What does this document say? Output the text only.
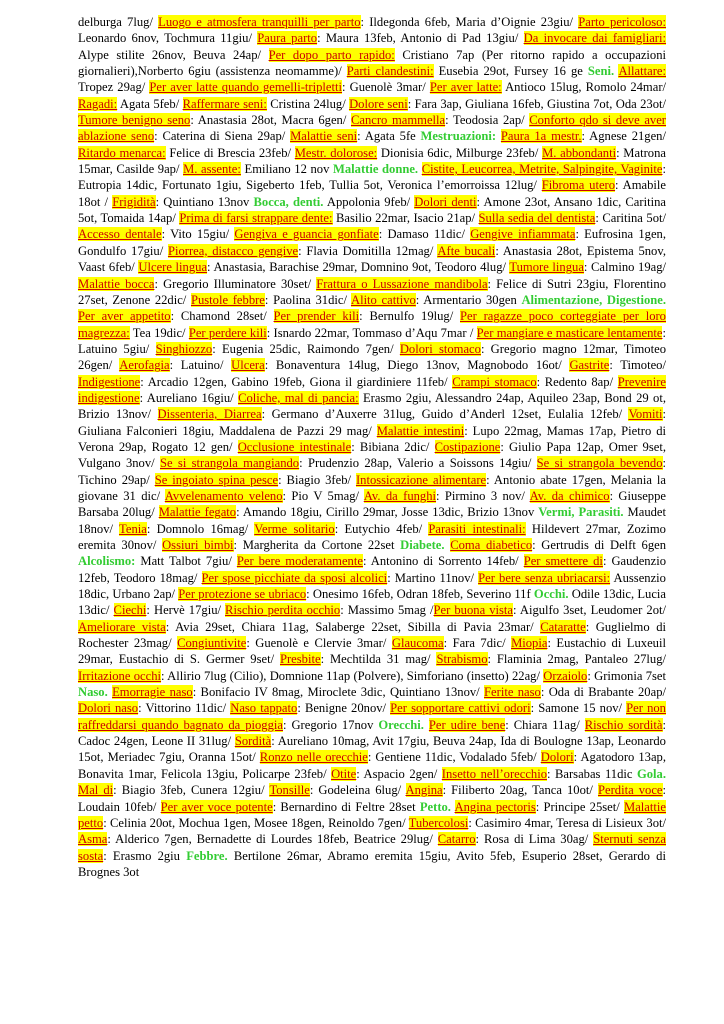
delburga 7lug/ Luogo e atmosfera tranquilli per parto: Ildegonda 6feb, Maria d’Oignie 23giu/ Parto pericoloso: Leonardo 6nov, Tochmura 11giu/ Paura parto: Maura 13feb, Antonio di Pad 13giu/ Da invocare dai famigliari: Alype stilite 26nov, Beuva 24ap/ Per dopo parto rapido: Cristiano 7ap (Per ritorno rapido a occupazioni giornalieri),Norberto 6giu (assistenza neomamme)/ Parti clandestini: Eusebia 29ot, Fursey 16 ge Seni. Allattare: Tropez 29ag/ Per aver latte quando gemelli-tripletti: Guenolè 3mar/ Per aver latte: Antioco 15lug, Romolo 24mar/ Ragadi: Agata 5feb/ Raffermare seni: Cristina 24lug/ Dolore seni: Fara 3ap, Giuliana 16feb, Giustina 7ot, Oda 23ot/ Tumore benigno seno: Anastasia 28ot, Macra 6gen/ Cancro mammella: Teodosia 2ap/ Conforto qdo si deve aver ablazione seno: Caterina di Siena 29ap/ Malattie seni: Agata 5fe Mestruazioni: Paura 1a mestr.: Agnese 21gen/ Ritardo menarca: Felice di Brescia 23feb/ Mestr. dolorose: Dionisia 6dic, Milburge 23feb/ M. abbondanti: Matrona 15mar, Casilde 9ap/ M. assente: Emiliano 12 nov Malattie donne. Cistite, Leucorrea, Metrite, Salpingite, Vaginite: Eutropia 14dic, Fortunato 1giu, Sigeberto 1feb, Tullia 5ot, Veronica l’emorroissa 12lug/ Fibroma utero: Amabile 18ot / Frigidità: Quintiano 13nov Bocca, denti. Appolonia 9feb/ Dolori denti: Amone 23ot, Ansano 1dic, Caritina 5ot, Tomaida 14ap/ Prima di farsi strappare dente: Basilio 22mar, Isacio 21ap/ Sulla sedia del dentista: Caritina 5ot/ Accesso dentale: Vito 15giu/ Gengiva e guancia gonfiate: Damaso 11dic/ Gengive infiammata: Eufrosina 1gen, Gondulfo 17giu/ Piorrea, distacco gengive: Flavia Domitilla 12mag/ Afte bucali: Anastasia 28ot, Epistema 5nov, Vaast 6feb/ Ulcere lingua: Anastasia, Barachise 29mar, Domnino 9ot, Teodoro 4lug/ Tumore lingua: Calmino 19ag/ Malattie bocca: Gregorio Illuminatore 30set/ Frattura o Lussazione mandibola: Felice di Sutri 23giu, Florentino 27set, Zenone 22dic/ Pustole febbre: Paolina 31dic/ Alito cattivo: Armentario 30gen Alimentazione, Digestione. Per aver appetito: Chamond 28set/ Per prender kili: Bernulfo 19lug/ Per ragazze poco corteggiate per loro magrezza: Tea 19dic/ Per perdere kili: Isnardo 22mar, Tommaso d’Aqu 7mar / Per mangiare e masticare lentamente: Latuino 5giu/ Singhiozzo: Eugenia 25dic, Raimondo 7gen/ Dolori stomaco: Gregorio magno 12mar, Timoteo 26gen/ Aerofagia: Latuino/ Ulcera: Bonaventura 14lug, Diego 13nov, Magnobodo 16ot/ Gastrite: Timoteo/ Indigestione: Arcadio 12gen, Gabino 19feb, Giona il giardiniere 11feb/ Crampi stomaco: Redento 8ap/ Prevenire indigestione: Aureliano 16giu/ Coliche, mal di pancia: Erasmo 2giu, Alessandro 24ap, Aquileo 23ap, Bond 29 ot, Brizio 13nov/ Dissenteria, Diarrea: Germano d’Auxerre 31lug, Guido d’Anderl 12set, Eulalia 12feb/ Vomiti: Giuliana Falconieri 18giu, Maddalena de Pazzi 29 mag/ Malattie intestini: Lupo 22mag, Mamas 17ap, Pietro di Verona 29ap, Rogato 12 gen/ Occlusione intestinale: Bibiana 2dic/ Costipazione: Giulio Papa 12ap, Omer 9set, Vulgano 3nov/ Se si strangola mangiando: Prudenzio 28ap, Valerio a Soissons 14giu/ Se si strangola bevendo: Tichino 29ap/ Se ingoiato spina pesce: Biagio 3feb/ Intossicazione alimentare: Antonio abate 17gen, Melania la giovane 31 dic/ Avvelenamento veleno: Pio V 5mag/ Av. da funghi: Pirmino 3 nov/ Av. da chimico: Giuseppe Barsaba 20lug/ Malattie fegato: Amando 18giu, Cirillo 29mar, Josse 13dic, Brizio 13nov Vermi, Parasiti. Maudet 18nov/ Tenia: Domnolo 16mag/ Verme solitario: Eutychio 4feb/ Parasiti intestinali: Hildevert 27mar, Zozimo eremita 30nov/ Ossiuri bimbi: Margherita da Cortone 22set Diabete. Coma diabetico: Gertrudis di Delft 6gen Alcolismo: Matt Talbot 7giu/ Per bere moderatamente: Antonino di Sorrento 14feb/ Per smettere di: Gaudenzio 12feb, Teodoro 18mag/ Per spose picchiate da sposi alcolici: Martino 11nov/ Per bere senza ubriacarsi: Aussenzio 18dic, Urbano 2ap/ Per protezione se ubriaco: Onesimo 16feb, Odran 18feb, Severino 11f Occhi. Odile 13dic, Lucia 13dic/ Ciechi: Hervè 17giu/ Rischio perdita occhio: Massimo 5mag /Per buona vista: Aigulfo 3set, Leudomer 2ot/ Ameliorare vista: Avia 29set, Chiara 11ag, Salaberge 22set, Sibilla di Pavia 23mar/ Cataratte: Guglielmo di Rochester 23mag/ Congiuntivite: Guenolè e Clervie 3mar/ Glaucoma: Fara 7dic/ Miopia: Eustachio di Luxeuil 29mar, Eustachio di S. Germer 9set/ Presbite: Mechtilda 31 mag/ Strabismo: Flaminia 2mag, Pantaleo 27lug/ Irritazione occhi: Allirio 7lug (Cilio), Domnione 11ap (Polvere), Simforiano (insetto) 22ag/ Orzaiolo: Grimonia 7set Naso. Emorragie naso: Bonifacio IV 8mag, Miroclete 3dic, Quintiano 13nov/ Ferite naso: Oda di Brabante 20ap/ Dolori naso: Vittorino 11dic/ Naso tappato: Benigne 20nov/ Per sopportare cattivi odori: Samone 15 nov/ Per non raffreddarsi quando bagnato da pioggia: Gregorio 17nov Orecchi. Per udire bene: Chiara 11ag/ Rischio sordità: Cadoc 24gen, Leone II 31lug/ Sordità: Aureliano 10mag, Avit 17giu, Beuva 24ap, Ida di Boulogne 13ap, Leonardo 15ot, Meriadec 7giu, Oranna 15ot/ Ronzo nelle orecchie: Gentiene 11dic, Vodalado 5feb/ Dolori: Agatodoro 13ap, Bonavita 1mar, Felicola 13giu, Policarpe 23feb/ Otite: Aspacio 2gen/ Insetto nell’orecchio: Barsabas 11dic Gola. Mal di: Biagio 3feb, Cunera 12giu/ Tonsille: Godeleina 6lug/ Angina: Filiberto 20ag, Tanca 10ot/ Perdita voce: Loudain 10feb/ Per aver voce potente: Bernardino di Feltre 28set Petto. Angina pectoris: Principe 25set/ Malattie petto: Celinia 20ot, Mochua 1gen, Mosee 18gen, Reinoldo 7gen/ Tubercolosi: Casimiro 4mar, Teresa di Lisieux 3ot/ Asma: Alderico 7gen, Bernadette di Lourdes 18feb, Beatrice 29lug/ Catarro: Rosa di Lima 30ag/ Sternuti senza sosta: Erasmo 2giu Febbre. Bertilone 26mar, Abramo eremita 15giu, Avito 5feb, Esuperio 28set, Gerardo di Brognes 3ot
